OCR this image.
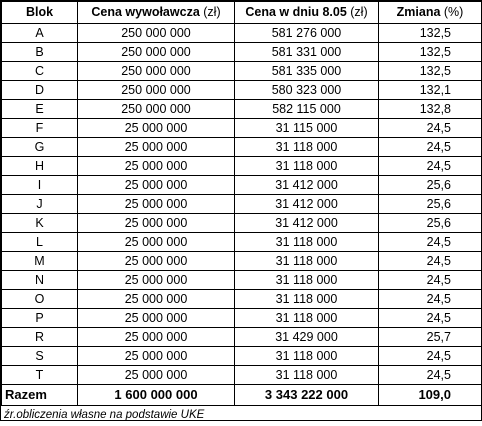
Blok	Cena wywoławcza (zł)	Cena w dniu 8.05 (zł)	Zmiana (%)
A	250 000 000	581 276 000	132,5
B	250 000 000	581 331 000	132,5
C	250 000 000	581 335 000	132,5
D	250 000 000	580 323 000	132,1
E	250 000 000	582 115 000	132,8
F	25 000 000	31 115 000	24,5
G	25 000 000	31 118 000	24,5
H	25 000 000	31 118 000	24,5
I	25 000 000	31 412 000	25,6
J	25 000 000	31 412 000	25,6
K	25 000 000	31 412 000	25,6
L	25 000 000	31 118 000	24,5
M	25 000 000	31 118 000	24,5
N	25 000 000	31 118 000	24,5
O	25 000 000	31 118 000	24,5
P	25 000 000	31 118 000	24,5
R	25 000 000	31 429 000	25,7
S	25 000 000	31 118 000	24,5
T	25 000 000	31 118 000	24,5
Razem	1 600 000 000	3 343 222 000	109,0
źr.obliczenia własne na podstawie UKE
